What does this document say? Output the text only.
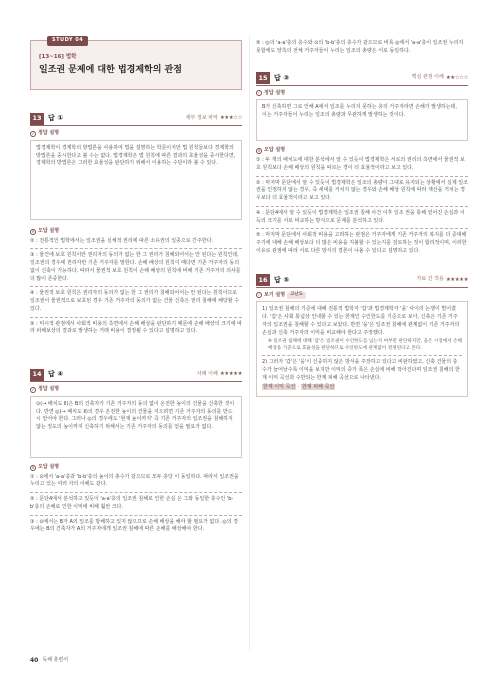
STUDY 04
[13~16] 법학
일조권 문제에 대한 법경제학의 관점
13 답 ①	세부 정보 파악 ★★★☆☆
✓ 정답 설명
법경제학이 경제학의 방법론을 사용하여 법을 설명하는 학문이지만 법 원칙들보다 경제학의 방법론을 중시한다고 볼 수는 없다. 법경제학은 법 원칙에 따른 결과의 효율성을 중시한다면, 경제학의 방법론은 그러한 효율성을 판단하기 위해서 이용하는 수단이라 볼 수 있다.
✕ 오답 설명
② : 전통적인 법학에서는 일조권을 실체적 권리에 따른 소유권의 일종으로 간주한다.
③ : 물건에 보호 원칙이란 권리자의 동의가 없는 한 그 권리가 침해되어서는 안 된다는 원칙인데, 일조권의 경우에 권리자란 기존 거주자를 말한다. 손해 배상의 원칙이 때다면 기존 거주자의 동의 없이 신축이 가능하다. 따라서 물권적 보호 원칙이 손해 배상의 원칙에 비해 기존 거주자의 의사를 더 많이 존중한다.
④ : 물권적 보호 원칙은 권리자의 동의가 없는 한 그 권리가 침해되어서는 안 된다는 원칙이므로 일조권이 물권적으로 보호된 경우 기존 거주자의 동의가 없는 건물 신축은 권리 침해에 해당할 수 있다.
⑤ : 미시적 관점에서 사회적 비용의 측면에서 손해 배상을 판단하기 때문에 손해 배상의 크기에 따라 피해보상의 결과로 발생하는 거래 비용이 결정될 수 있다고 설명하고 있다.
14 답 ④	사례 이해 ★★★★★
✓ 정답 설명
⊙(→ 배치도 Ⅱ)은 B의 건축자가 기존 거주자의 동의 없이 온전한 높이의 건물을 신축한 것이다. 반면 ◎(→ 배치도 Ⅱ)의 경우 온전한 높이의 건물을 지으려면 기존 거주자의 동의를 반드시 얻어야 한다. 그러나 ◎의 경우에도 '현재 높이까지' 즉 기존 거주자의 일조권을 침해하지 않는 정도의 높이까지 신축하기 위해서는 기존 거주자의 동의를 얻을 필요가 없다.
✕ 오답 설명
① : ⊙에서 'a-a'층과 'b-b'층의 높이의 총수가 같으므로 모두 층당 이 동일하다. 따라서 일조권을 누리고 있는 여러 자의 이해도 같다.
② : 문단4에서 분석하고 있듯이 'a-a'층의 일조권 침해로 인한 손실 은 그와 동일한 층수인 'b-b'층의 손해로 인한 이익에 비해 훨씬 크다.
③ : ⊙에서는 B가 A의 일조를 방해하고 있지 않으므로 손해 배상을 해야 할 필요가 없다. ◎의 경우에는 B의 건축자가 A의 거주자에게 일조권 침해에 따른 손해를 배상해야 한다.
⑤ : ◎의 'a-a'층의 층수와 ⊙의 'b-b'층의 층수가 같으므로 비록 ◎에서 'a-a'층이 일조권 누리지 못함에도 양측의 전체 거주자들이 누리는 일조의 총량은 서로 동일하다.
15 답 ③	핵심 관점 이해 ★★☆☆☆
✓ 정답 설명
B가 신축하면 그로 인해 A에서 일조를 누리지 못하는 층의 거주자라면 손해가 발생하는데, 이는 거주자들이 누리는 일조의 총량과 무관하게 발생하는 것이다.
✕ 오답 설명
① : 두 개의 배치도에 대한 분석에서 알 수 있듯이 법경제학은 서로의 권리의 측면에서 물권적 보호 원칙보다 손해 배상의 원칙을 따르는 경이 더 효율적이라고 보고 있다.
② : 마지막 문단에서 알 수 있듯이 법경제학은 일조의 총량이 그대로 유지되는 상황에서 실제 일조권을 인정하지 않는 경우, 즉 세대를 거치지 않는 경우와 손해 배상 원칙에 따라 재산을 거치는 경우보다 더 효율적이라고 보고 있다.
④ : 문단4에서 알 수 있듯이 법경제학은 일조권 침해 사건 이후 일조 권을 통해 얻어진 손실과 이득의 크기를 서로 비교하는 방식으로 문제를 분석하고 있다.
⑤ : 마지막 문단에서 사회적 비용을 고려하는 관점은 거주자에게 기존 거주자의 복지를 더 증대해 주기에 대해 손해 배상보다 더 많은 비용을 지불할 수 있는지를 검토하는 것이 합리적이며, 이러한 이유로 관점에 따라 서로 다른 방식의 결론이 나올 수 있다고 설명하고 있다.
16 답 ⑤	자료 간 적용 ★★★★★
✓ 보기 설명	고난도
1) 일조권 침해의 기준에 대해 전통적 법학자 '갑'과 법경제학자 '을' 사이의 논쟁이 벌어졌다. '갑'은 사회 통념상 인내할 수 있는 한계인 수인한도를 기준으로 보아, 신축은 기존 거주자의 일조권을 침해할 수 있다고 보았다. 반면 '을'은 일조권 침해에 관계없이 기존 거주자의 손실과 신축 거주자의 이익을 비교해야 한다고 주장했다.
※ 일조권 침해에 대해 '갑'은 일조권이 수인한도를 넘는지 여부만 판단하지만, 을은 시장에서 손해 배상을 기준으로 효율성을 판단하므로 수인한도에 관계없이 결정된다고 본다.
2) 그러자 '갑'은 '을'이 신중하지 않은 방식을 주장하고 있다고 비판하였고, 신축 건물의 층수가 늘어날수록 이익을 보지만 이익의 증가 폭은 손실에 비해 작아진다며 일조권 침해의 한계 이익 곡선과 수반되는 한계 피해 곡선으로 나타낸다.
한계 이익 곡선 · 한계 피해 곡선
40 독해 훈련서
